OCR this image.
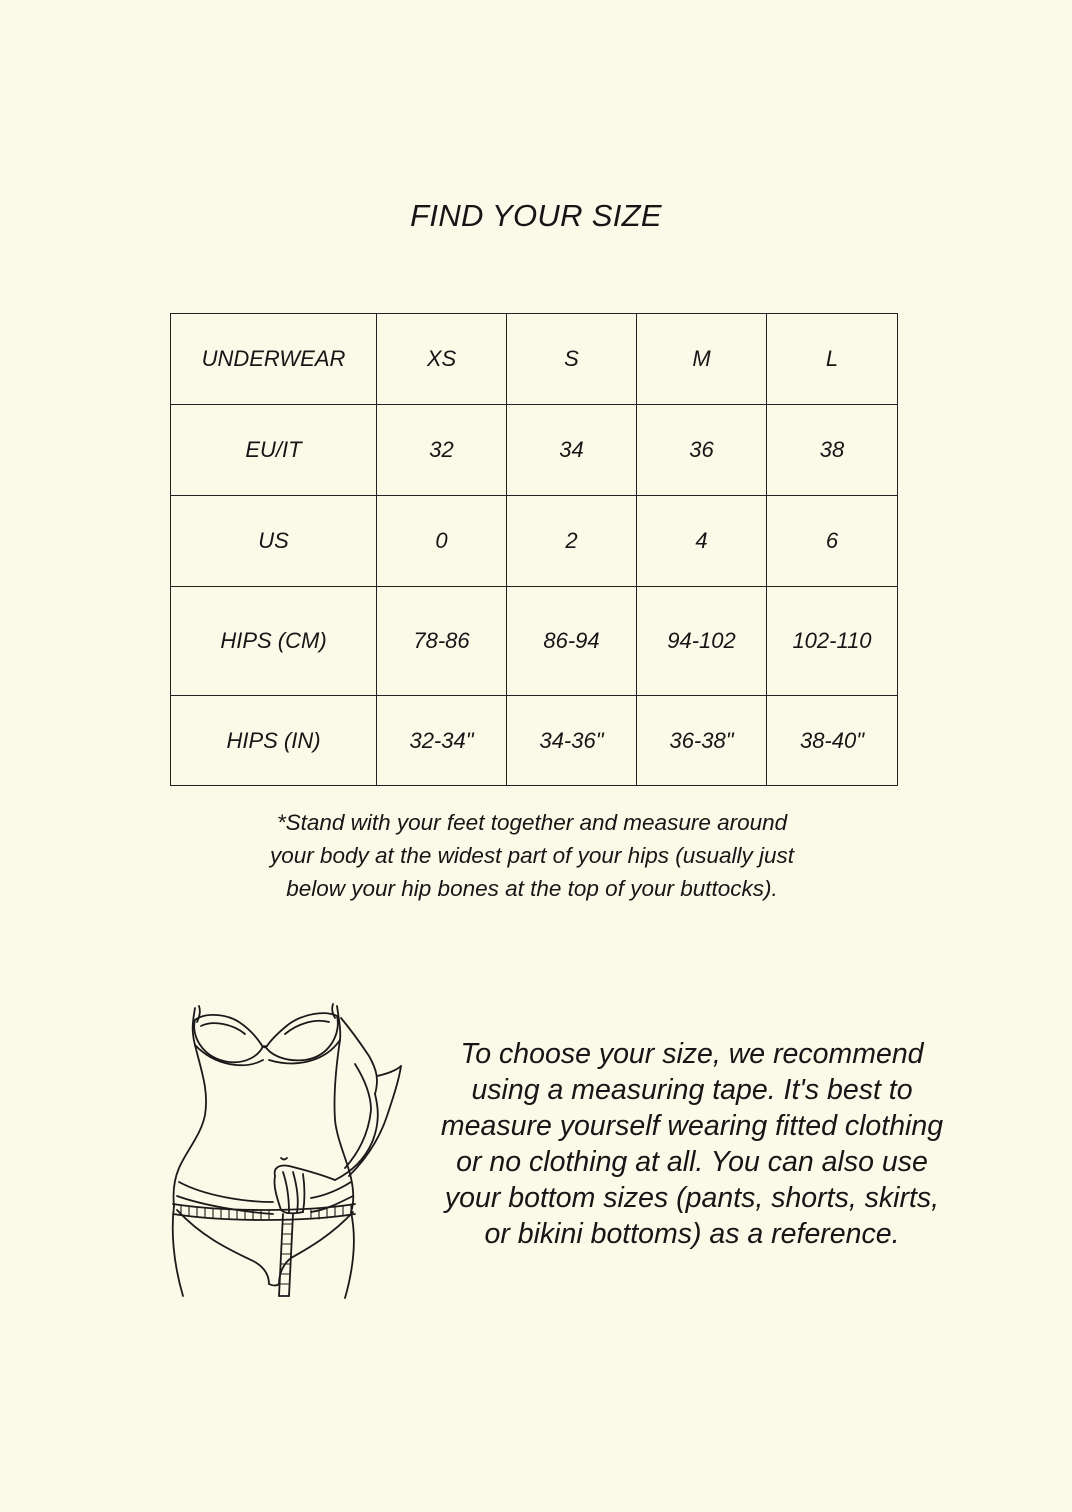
FIND YOUR SIZE
UNDERWEAR	XS	S	M	L
EU/IT	32	34	36	38
US	0	2	4	6
HIPS (CM)	78-86	86-94	94-102	102-110
HIPS (IN)	32-34"	34-36"	36-38"	38-40"
*Stand with your feet together and measure around
your body at the widest part of your hips (usually just
below your hip bones at the top of your buttocks).
To choose your size, we recommend
using a measuring tape. It's best to
measure yourself wearing fitted clothing
or no clothing at all. You can also use
your bottom sizes (pants, shorts, skirts,
or bikini bottoms) as a reference.
